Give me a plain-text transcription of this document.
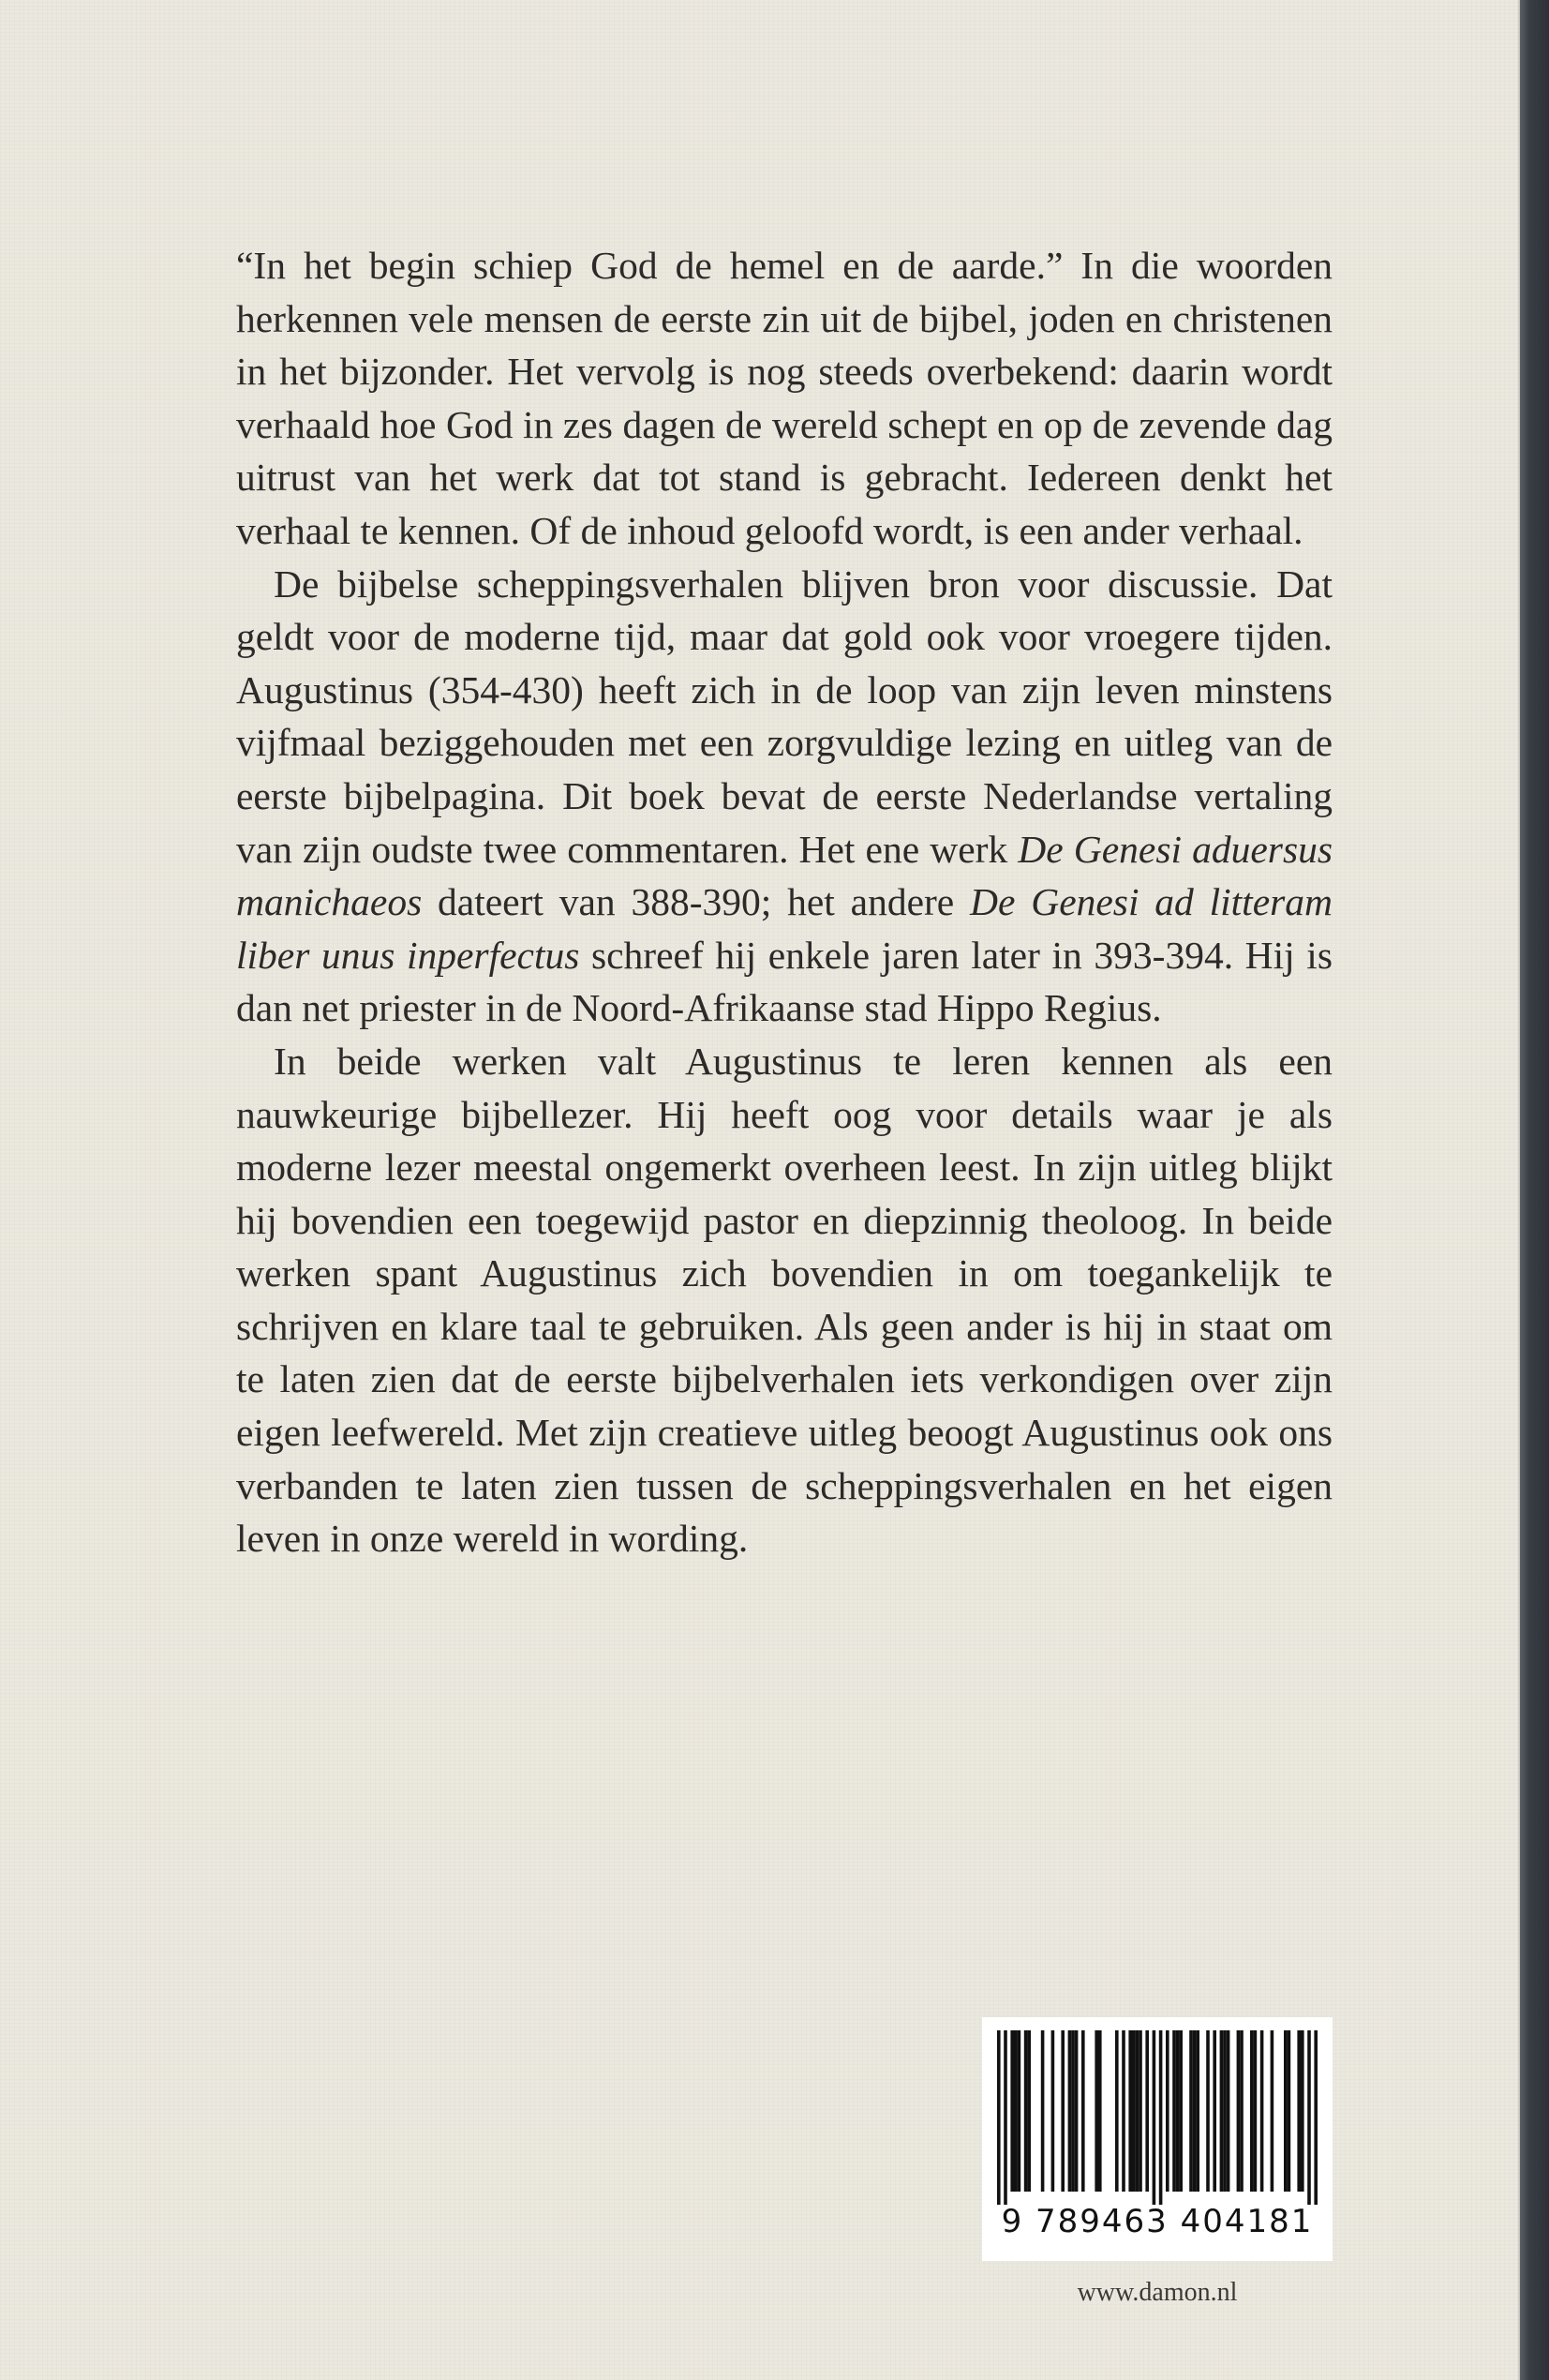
“In het begin schiep God de hemel en de aarde.” In die woorden herkennen vele mensen de eerste zin uit de bijbel, joden en christenen in het bijzonder. Het vervolg is nog steeds overbekend: daarin wordt verhaald hoe God in zes dagen de wereld schept en op de zevende dag uitrust van het werk dat tot stand is gebracht. Iedereen denkt het verhaal te kennen. Of de inhoud geloofd wordt, is een ander verhaal.

De bijbelse scheppingsverhalen blijven bron voor discussie. Dat geldt voor de moderne tijd, maar dat gold ook voor vroegere tijden. Augustinus (354-430) heeft zich in de loop van zijn leven minstens vijfmaal beziggehouden met een zorgvuldige lezing en uitleg van de eerste bijbelpagina. Dit boek bevat de eerste Nederlandse vertaling van zijn oudste twee commentaren. Het ene werk De Genesi aduersus manichaeos dateert van 388-390; het andere De Genesi ad litteram liber unus inperfectus schreef hij enkele jaren later in 393-394. Hij is dan net priester in de Noord-Afrikaanse stad Hippo Regius.

In beide werken valt Augustinus te leren kennen als een nauwkeurige bijbellezer. Hij heeft oog voor details waar je als moderne lezer meestal ongemerkt overheen leest. In zijn uitleg blijkt hij bovendien een toegewijd pastor en diepzinnig theoloog. In beide werken spant Augustinus zich bovendien in om toegankelijk te schrijven en klare taal te gebruiken. Als geen ander is hij in staat om te laten zien dat de eerste bijbelverhalen iets verkondigen over zijn eigen leefwereld. Met zijn creatieve uitleg beoogt Augustinus ook ons verbanden te laten zien tussen de scheppingsverhalen en het eigen leven in onze wereld in wording.

9 789463 404181
www.damon.nl
